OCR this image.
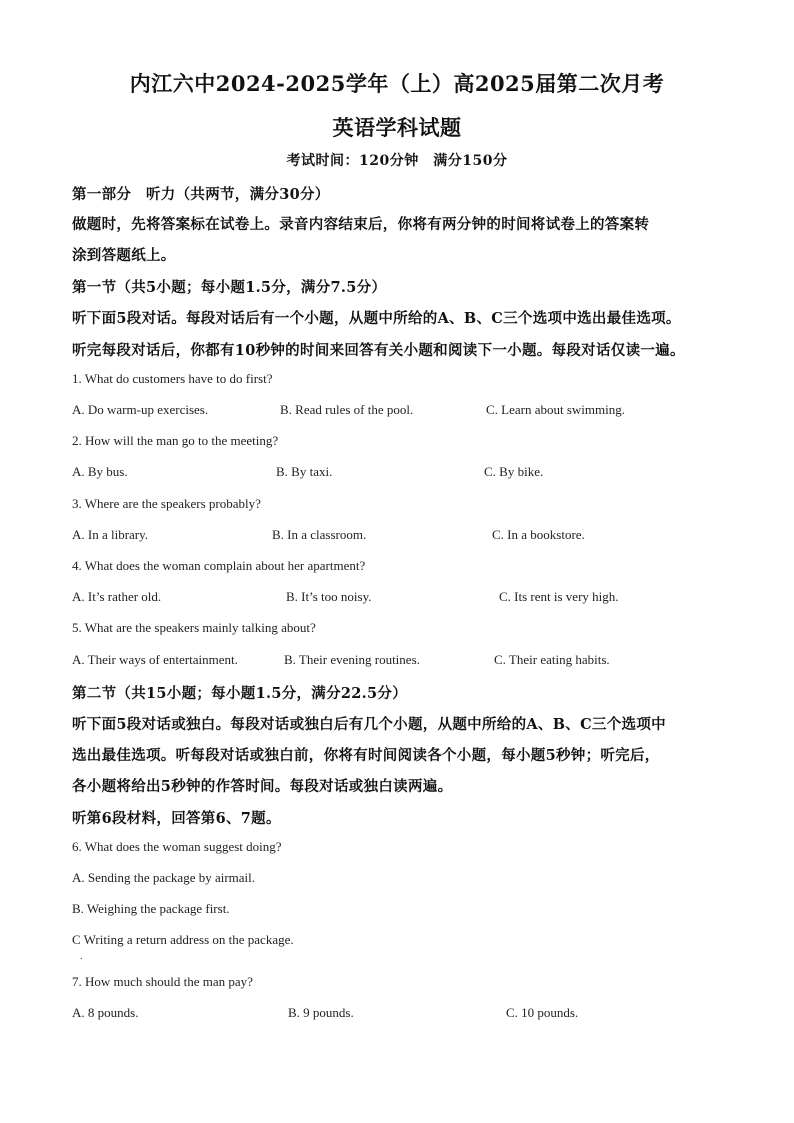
内江六中2024-2025学年（上）高2025届第二次月考
英语学科试题
考试时间：120分钟　满分150分
第一部分　听力（共两节，满分30分）
做题时，先将答案标在试卷上。录音内容结束后，你将有两分钟的时间将试卷上的答案转
涂到答题纸上。
第一节（共5小题；每小题1.5分，满分7.5分）
听下面5段对话。每段对话后有一个小题，从题中所给的A、B、C三个选项中选出最佳选项。
听完每段对话后，你都有10秒钟的时间来回答有关小题和阅读下一小题。每段对话仅读一遍。
1. What do customers have to do first?
A. Do warm-up exercises.	B. Read rules of the pool.	C. Learn about swimming.
2. How will the man go to the meeting?
A. By bus.	B. By taxi.	C. By bike.
3. Where are the speakers probably?
A. In a library.	B. In a classroom.	C. In a bookstore.
4. What does the woman complain about her apartment?
A. It’s rather old.	B. It’s too noisy.	C. Its rent is very high.
5. What are the speakers mainly talking about?
A. Their ways of entertainment.	B. Their evening routines.	C. Their eating habits.
第二节（共15小题；每小题1.5分，满分22.5分）
听下面5段对话或独白。每段对话或独白后有几个小题，从题中所给的A、B、C三个选项中
选出最佳选项。听每段对话或独白前，你将有时间阅读各个小题，每小题5秒钟；听完后，
各小题将给出5秒钟的作答时间。每段对话或独白读两遍。
听第6段材料，回答第6、7题。
6. What does the woman suggest doing?
A. Sending the package by airmail.
B. Weighing the package first.
C Writing a return address on the package.
.
7. How much should the man pay?
A. 8 pounds.	B. 9 pounds.	C. 10 pounds.
